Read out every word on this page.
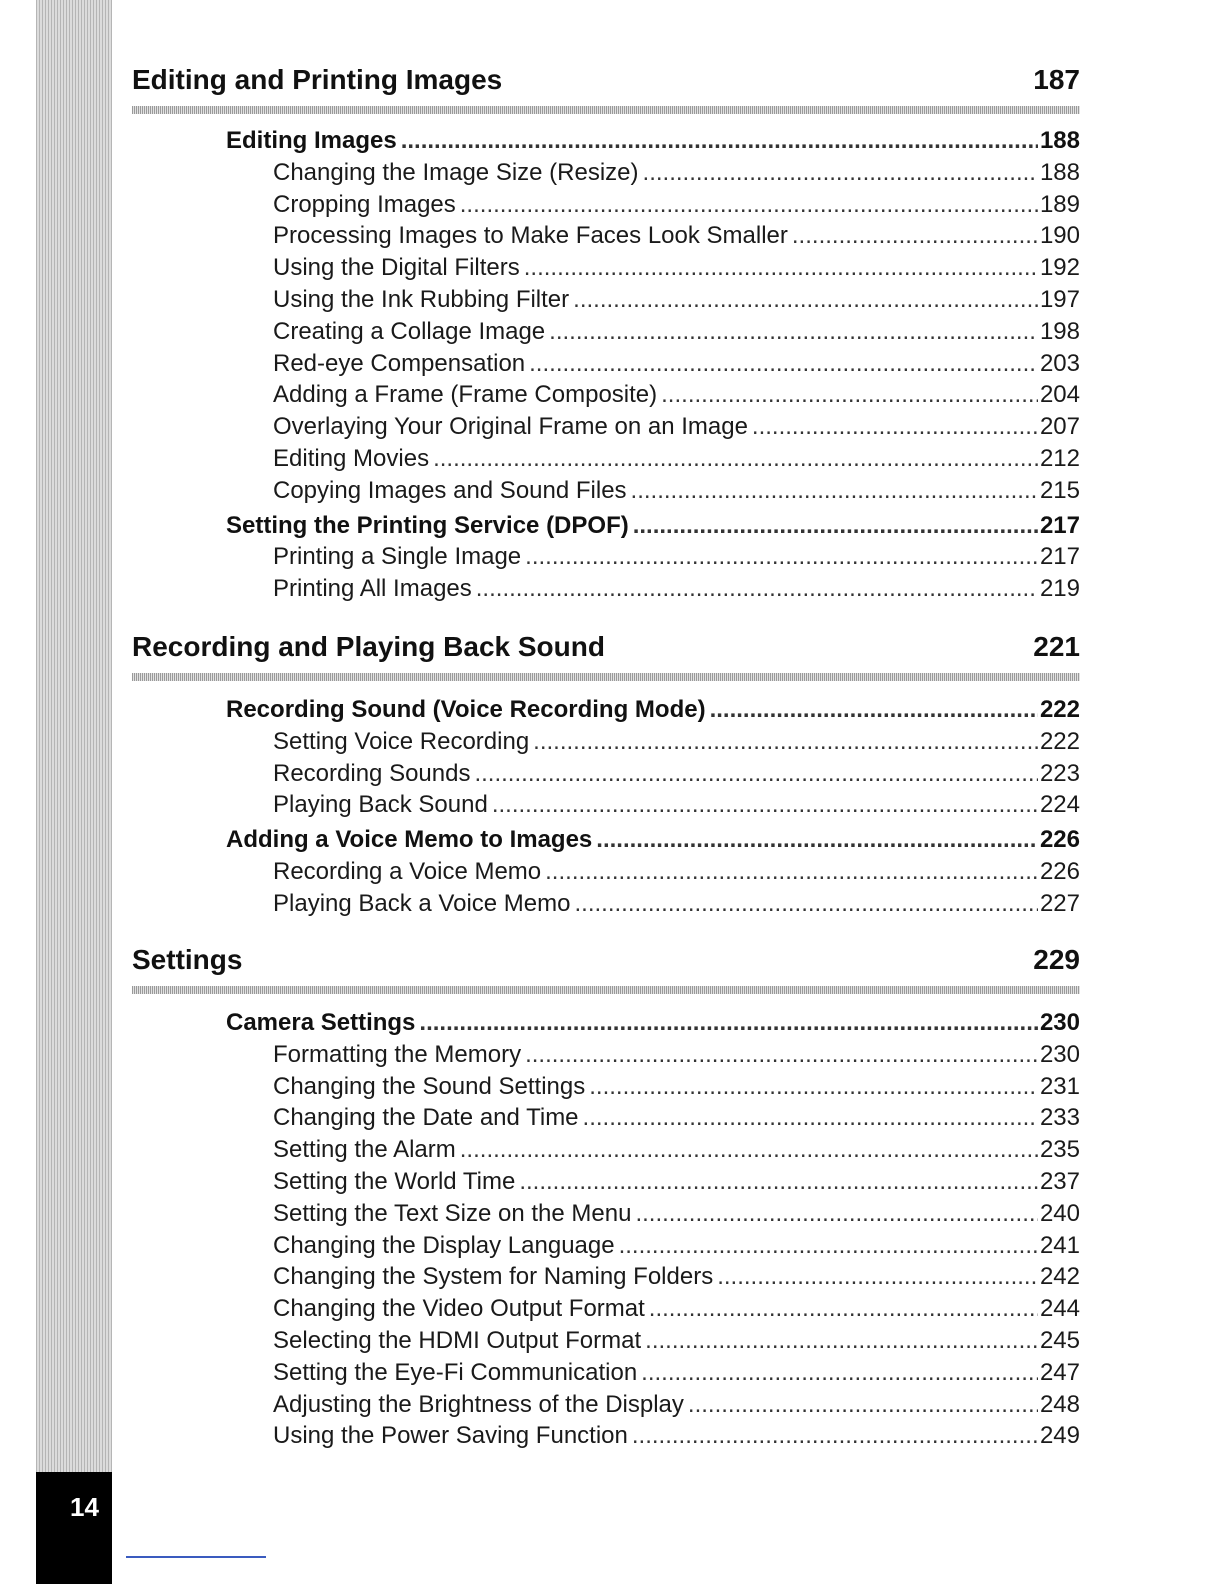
14
Editing and Printing Images	187
Editing Images .....	188
Changing the Image Size (Resize) .....	188
Cropping Images .....	189
Processing Images to Make Faces Look Smaller .....	190
Using the Digital Filters .....	192
Using the Ink Rubbing Filter .....	197
Creating a Collage Image .....	198
Red-eye Compensation .....	203
Adding a Frame (Frame Composite) .....	204
Overlaying Your Original Frame on an Image .....	207
Editing Movies .....	212
Copying Images and Sound Files .....	215
Setting the Printing Service (DPOF) .....	217
Printing a Single Image .....	217
Printing All Images .....	219
Recording and Playing Back Sound	221
Recording Sound (Voice Recording Mode) .....	222
Setting Voice Recording .....	222
Recording Sounds .....	223
Playing Back Sound .....	224
Adding a Voice Memo to Images .....	226
Recording a Voice Memo .....	226
Playing Back a Voice Memo .....	227
Settings	229
Camera Settings .....	230
Formatting the Memory .....	230
Changing the Sound Settings .....	231
Changing the Date and Time .....	233
Setting the Alarm .....	235
Setting the World Time .....	237
Setting the Text Size on the Menu .....	240
Changing the Display Language .....	241
Changing the System for Naming Folders .....	242
Changing the Video Output Format .....	244
Selecting the HDMI Output Format .....	245
Setting the Eye-Fi Communication .....	247
Adjusting the Brightness of the Display .....	248
Using the Power Saving Function .....	249
